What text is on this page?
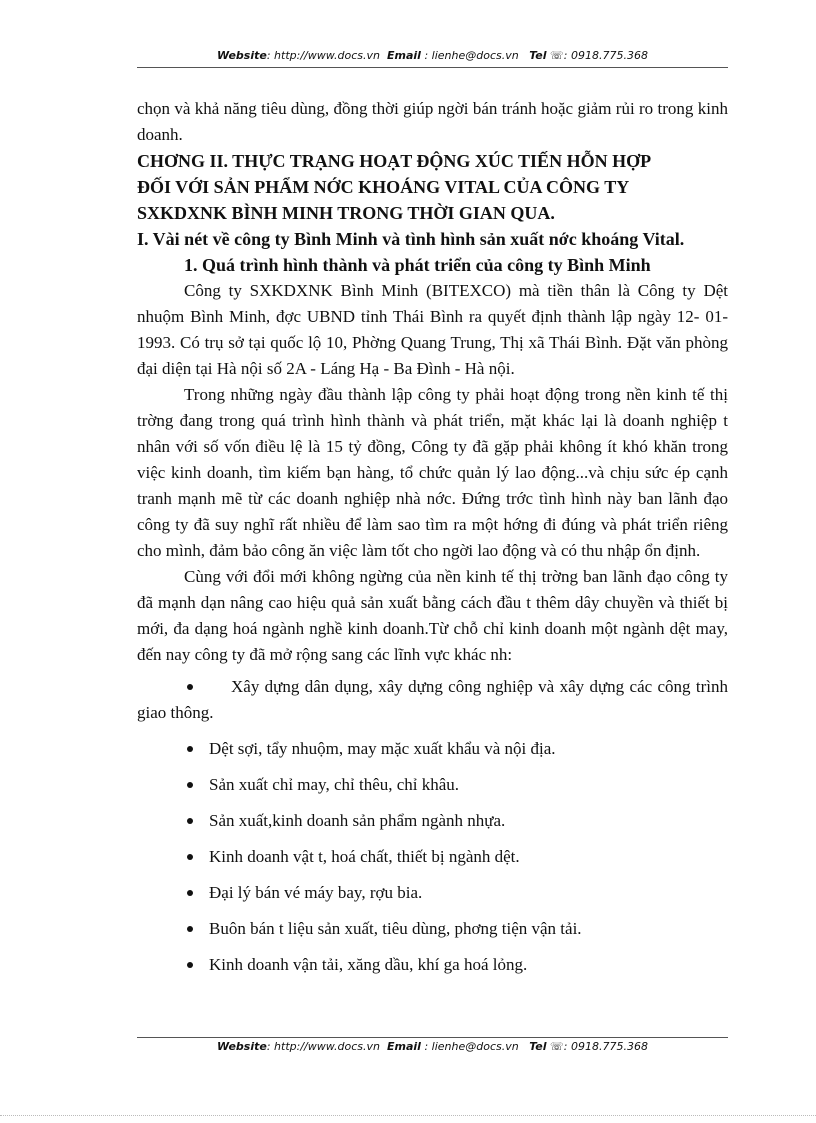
Website: http://www.docs.vn Email : lienhe@docs.vn Tel ☏: 0918.775.368

chọn và khả năng tiêu dùng, đồng thời giúp ngời bán tránh hoặc giảm rủi ro trong kinh doanh.

CHƠNG II. THỰC TRẠNG HOẠT ĐỘNG XÚC TIẾN HỖN HỢP

ĐỐI VỚI SẢN PHẨM NỚC KHOÁNG VITAL CỦA CÔNG TY

SXKDXNK BÌNH MINH TRONG THỜI GIAN QUA.

I. Vài nét về công ty Bình Minh và tình hình sản xuất nớc khoáng Vital.

1. Quá trình hình thành và phát triển của công ty Bình Minh

Công ty SXKDXNK Bình Minh (BITEXCO) mà tiền thân là Công ty Dệt nhuộm Bình Minh, đợc UBND tỉnh Thái Bình ra quyết định thành lập ngày 12- 01- 1993. Có trụ sở tại quốc lộ 10, Phờng Quang Trung, Thị xã Thái Bình. Đặt văn phòng đại diện tại Hà nội số 2A - Láng Hạ - Ba Đình - Hà nội.

Trong những ngày đầu thành lập công ty phải hoạt động trong nền kinh tế thị trờng đang trong quá trình hình thành và phát triển, mặt khác lại là doanh nghiệp t nhân với số vốn điều lệ là 15 tỷ đồng, Công ty đã gặp phải không ít khó khăn trong việc kinh doanh, tìm kiếm bạn hàng, tổ chức quản lý lao động...và chịu sức ép cạnh tranh mạnh mẽ từ các doanh nghiệp nhà nớc. Đứng trớc tình hình này ban lãnh đạo công ty đã suy nghĩ rất nhiều để làm sao tìm ra một hớng đi đúng và phát triển riêng cho mình, đảm bảo công ăn việc làm tốt cho ngời lao động và có thu nhập ổn định.

Cùng với đổi mới không ngừng của nền kinh tế thị trờng ban lãnh đạo công ty đã mạnh dạn nâng cao hiệu quả sản xuất bằng cách đầu t thêm dây chuyền và thiết bị mới, đa dạng hoá ngành nghề kinh doanh.Từ chỗ chỉ kinh doanh một ngành dệt may, đến nay công ty đã mở rộng sang các lĩnh vực khác nh:

Xây dựng dân dụng, xây dựng công nghiệp và xây dựng các công trình giao thông.
Dệt sợi, tẩy nhuộm, may mặc xuất khẩu và nội địa.
Sản xuất chỉ may, chỉ thêu, chỉ khâu.
Sản xuất,kinh doanh sản phẩm ngành nhựa.
Kinh doanh vật t, hoá chất, thiết bị ngành dệt.
Đại lý bán vé máy bay, rợu bia.
Buôn bán t liệu sản xuất, tiêu dùng, phơng tiện vận tải.
Kinh doanh vận tải, xăng dầu, khí ga hoá lỏng.
Website: http://www.docs.vn Email : lienhe@docs.vn Tel ☏: 0918.775.368
